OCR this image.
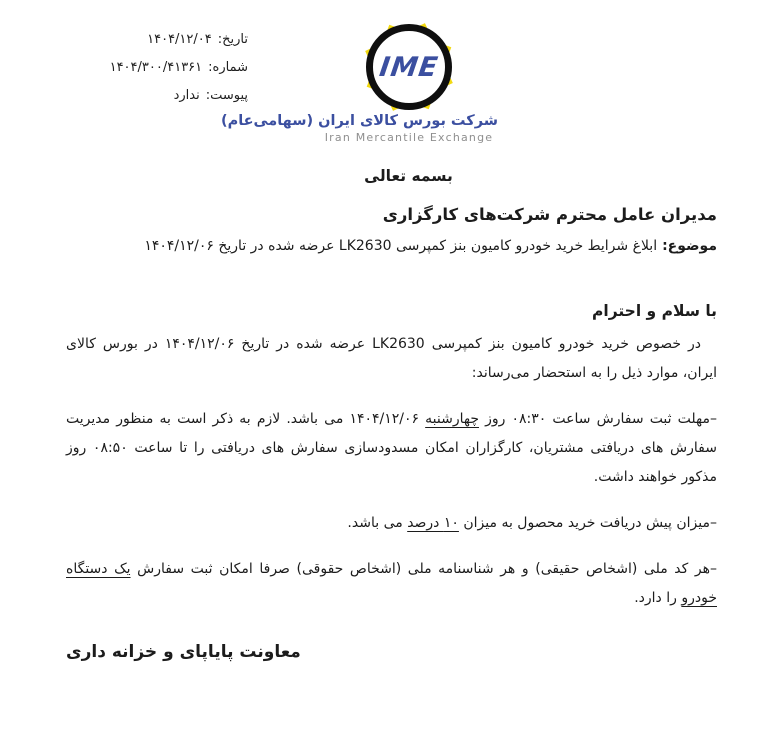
تاریخ:۱۴۰۴/۱۲/۰۴
شماره:۱۴۰۴/۳۰۰/۴۱۳۶۱
پیوست:ندارد
IME
شرکت بورس کالای ایران (سهامی‌عام)
Iran Mercantile Exchange
بسمه تعالی

مدیران عامل محترم شرکت‌های کارگزاری

موضوع:ابلاغ شرایط خرید خودرو کامیون بنز کمپرسی LK2630 عرضه شده در تاریخ ۱۴۰۴/۱۲/۰۶

با سلام و احترام

در خصوص خرید خودرو کامیون بنز کمپرسی LK2630 عرضه شده در تاریخ ۱۴۰۴/۱۲/۰۶ در بورس کالای ایران، موارد ذیل را به استحضار می‌رساند:

–مهلت ثبت سفارش ساعت ۰۸:۳۰ روز چهارشنبه ۱۴۰۴/۱۲/۰۶ می باشد. لازم به ذکر است به منظور مدیریت سفارش های دریافتی مشتریان، کارگزاران امکان مسدودسازی سفارش های دریافتی را تا ساعت ۰۸:۵۰ روز مذکور خواهند داشت.

–میزان پیش دریافت خرید محصول به میزان ۱۰ درصد می باشد.

–هر کد ملی (اشخاص حقیقی) و هر شناسنامه ملی (اشخاص حقوقی) صرفا امکان ثبت سفارش یک دستگاه خودرو را دارد.

معاونت پایاپای و خزانه داری
